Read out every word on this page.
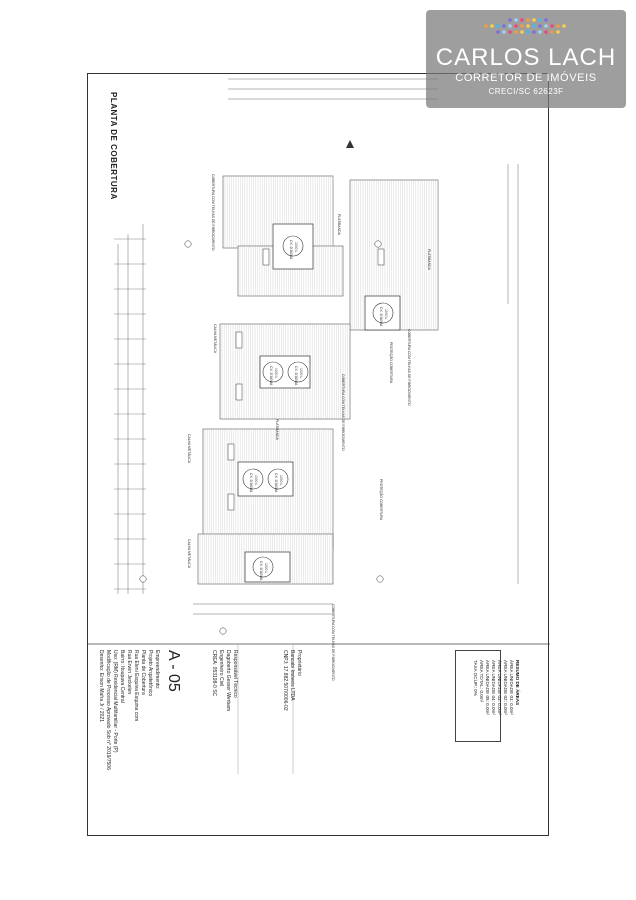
CX. D'ÁGUA 1000 L
CX. D'ÁGUA 1000 L	CX. D'ÁGUA 1000 L
CX. D'ÁGUA 1000 L	CX. D'ÁGUA 1000 L
CX. D'ÁGUA 1000 L
CX. D'ÁGUA 1000 L
PLATIBANDA
PLATIBANDA
PROTEÇÃO COBERTURA
PROTEÇÃO COBERTURA
COBERTURA COM TELHAS DE FIBROCIMENTO
COBERTURA COM TELHAS DE FIBROCIMENTO
COBERTURA COM TELHAS DE FIBROCIMENTO
COBERTURA COM TELHAS DE FIBROCIMENTO
PLATIBANDA
CALHA METÁLICA
CALHA METÁLICA
CALHA METÁLICA
PLANTA DE COBERTURA
A - 05	Proprietário
Bancabi Imóveis LTDA
CNPJ: 17.882.507/0006-02
Responsável Técnico
Dagoberto Gesser Werbam
Engenheiro Civil
CREA: 053198-0 SC
Empreendimento:
Projeto Arquitetônico
Planta de Cobertura
Rua Eleni Esquiva Esquina com
Rua Erwin Jeckelen
Bairro: Itoupava Central
Uso: (RM) Residencial Multifamiliar - Porte (P)
Modificação de Processo Aprovado Sob n° 2019/7506
Desenho: Erison Mafra Jr / 2021	RESUMO DE ÁREAS
ÁREA UNIDADE 01: 0.0m²
ÁREA UNIDADE 02: 0.0m²
ÁREA UNIDADE 03: 0.0m²
ÁREA UNIDADE 04: 0.0m²
ÁREA UNIDADE 05: 0.0m²
ÁREA TOTAL: 0.0m²
TAXA OCUP.: 0%
CARLOS LACH
CORRETOR DE IMÓVEIS
CRECI/SC 62623F
